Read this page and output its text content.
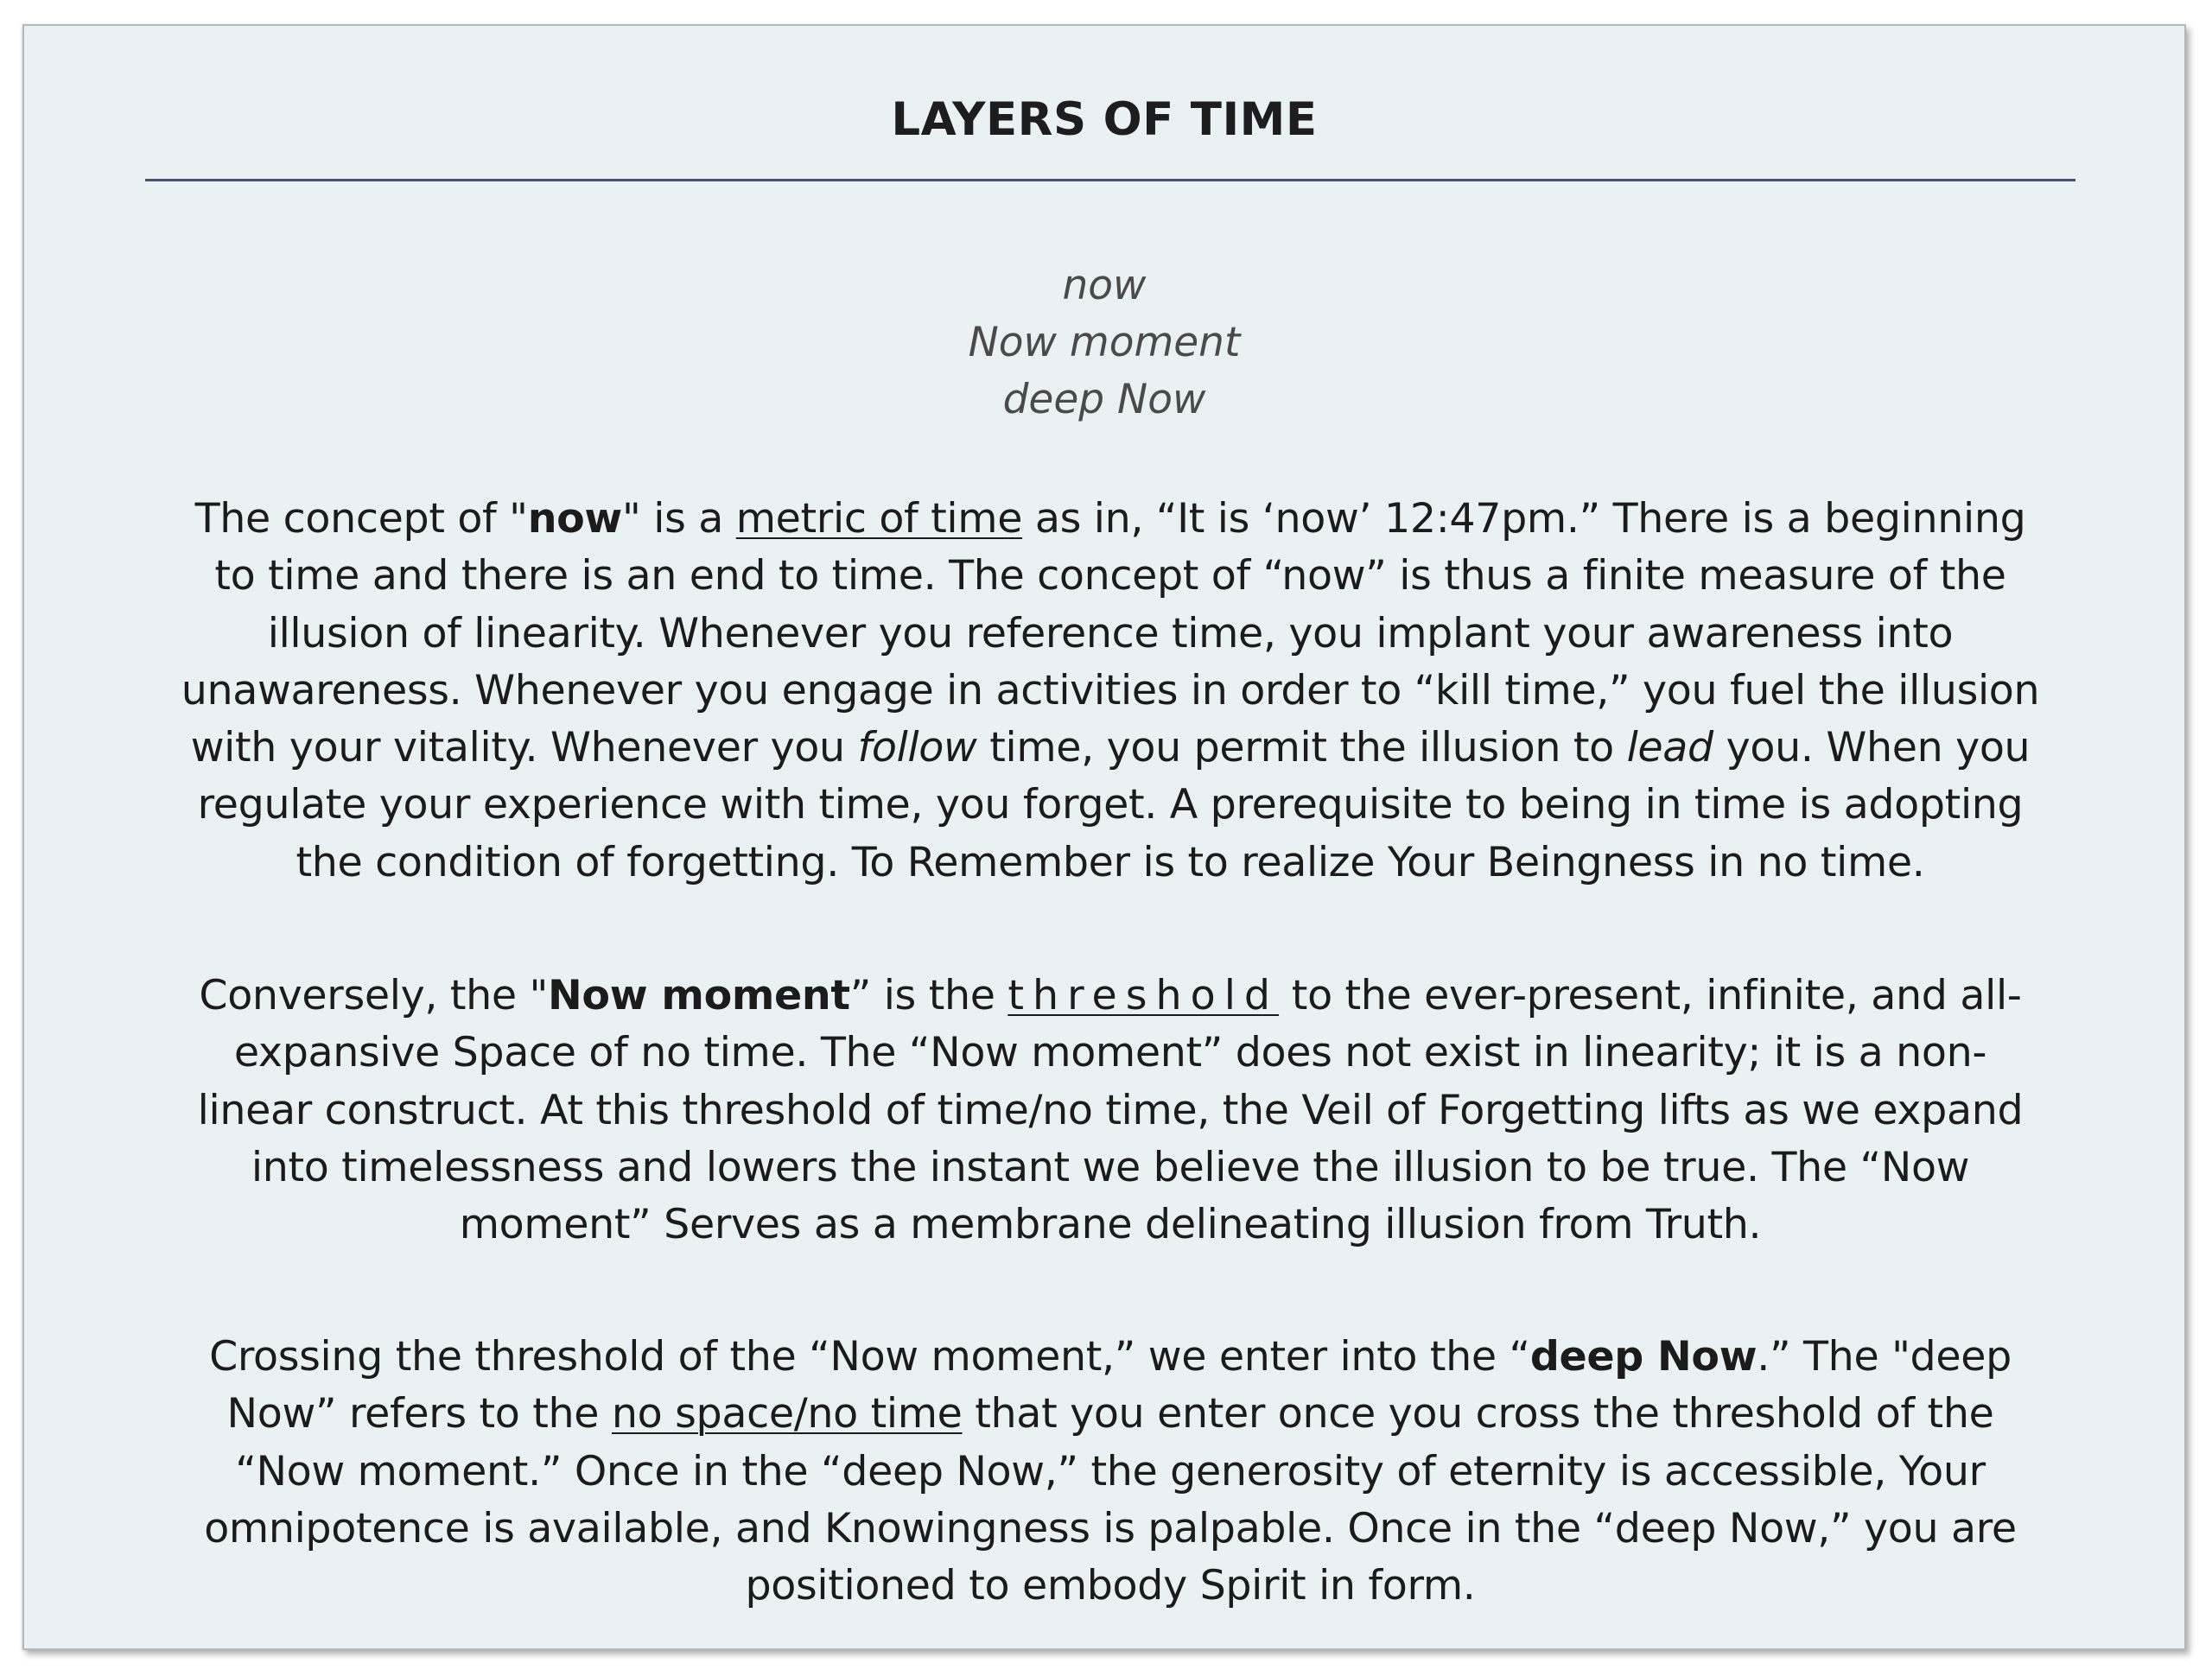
LAYERS OF TIME
now
Now moment
deep Now
The concept of "now" is a metric of time as in, “It is ‘now’ 12:47pm.” There is a beginning
to time and there is an end to time. The concept of “now” is thus a finite measure of the
illusion of linearity. Whenever you reference time, you implant your awareness into
unawareness. Whenever you engage in activities in order to “kill time,” you fuel the illusion
with your vitality. Whenever you follow time, you permit the illusion to lead you. When you
regulate your experience with time, you forget. A prerequisite to being in time is adopting
the condition of forgetting. To Remember is to realize Your Beingness in no time.
Conversely, the "Now moment” is the threshold to the ever-present, infinite, and all-
expansive Space of no time. The “Now moment” does not exist in linearity; it is a non-
linear construct. At this threshold of time/no time, the Veil of Forgetting lifts as we expand
into timelessness and lowers the instant we believe the illusion to be true. The “Now
moment” Serves as a membrane delineating illusion from Truth.
Crossing the threshold of the “Now moment,” we enter into the “deep Now.” The "deep
Now” refers to the no space/no time that you enter once you cross the threshold of the
“Now moment.” Once in the “deep Now,” the generosity of eternity is accessible, Your
omnipotence is available, and Knowingness is palpable. Once in the “deep Now,” you are
positioned to embody Spirit in form.
